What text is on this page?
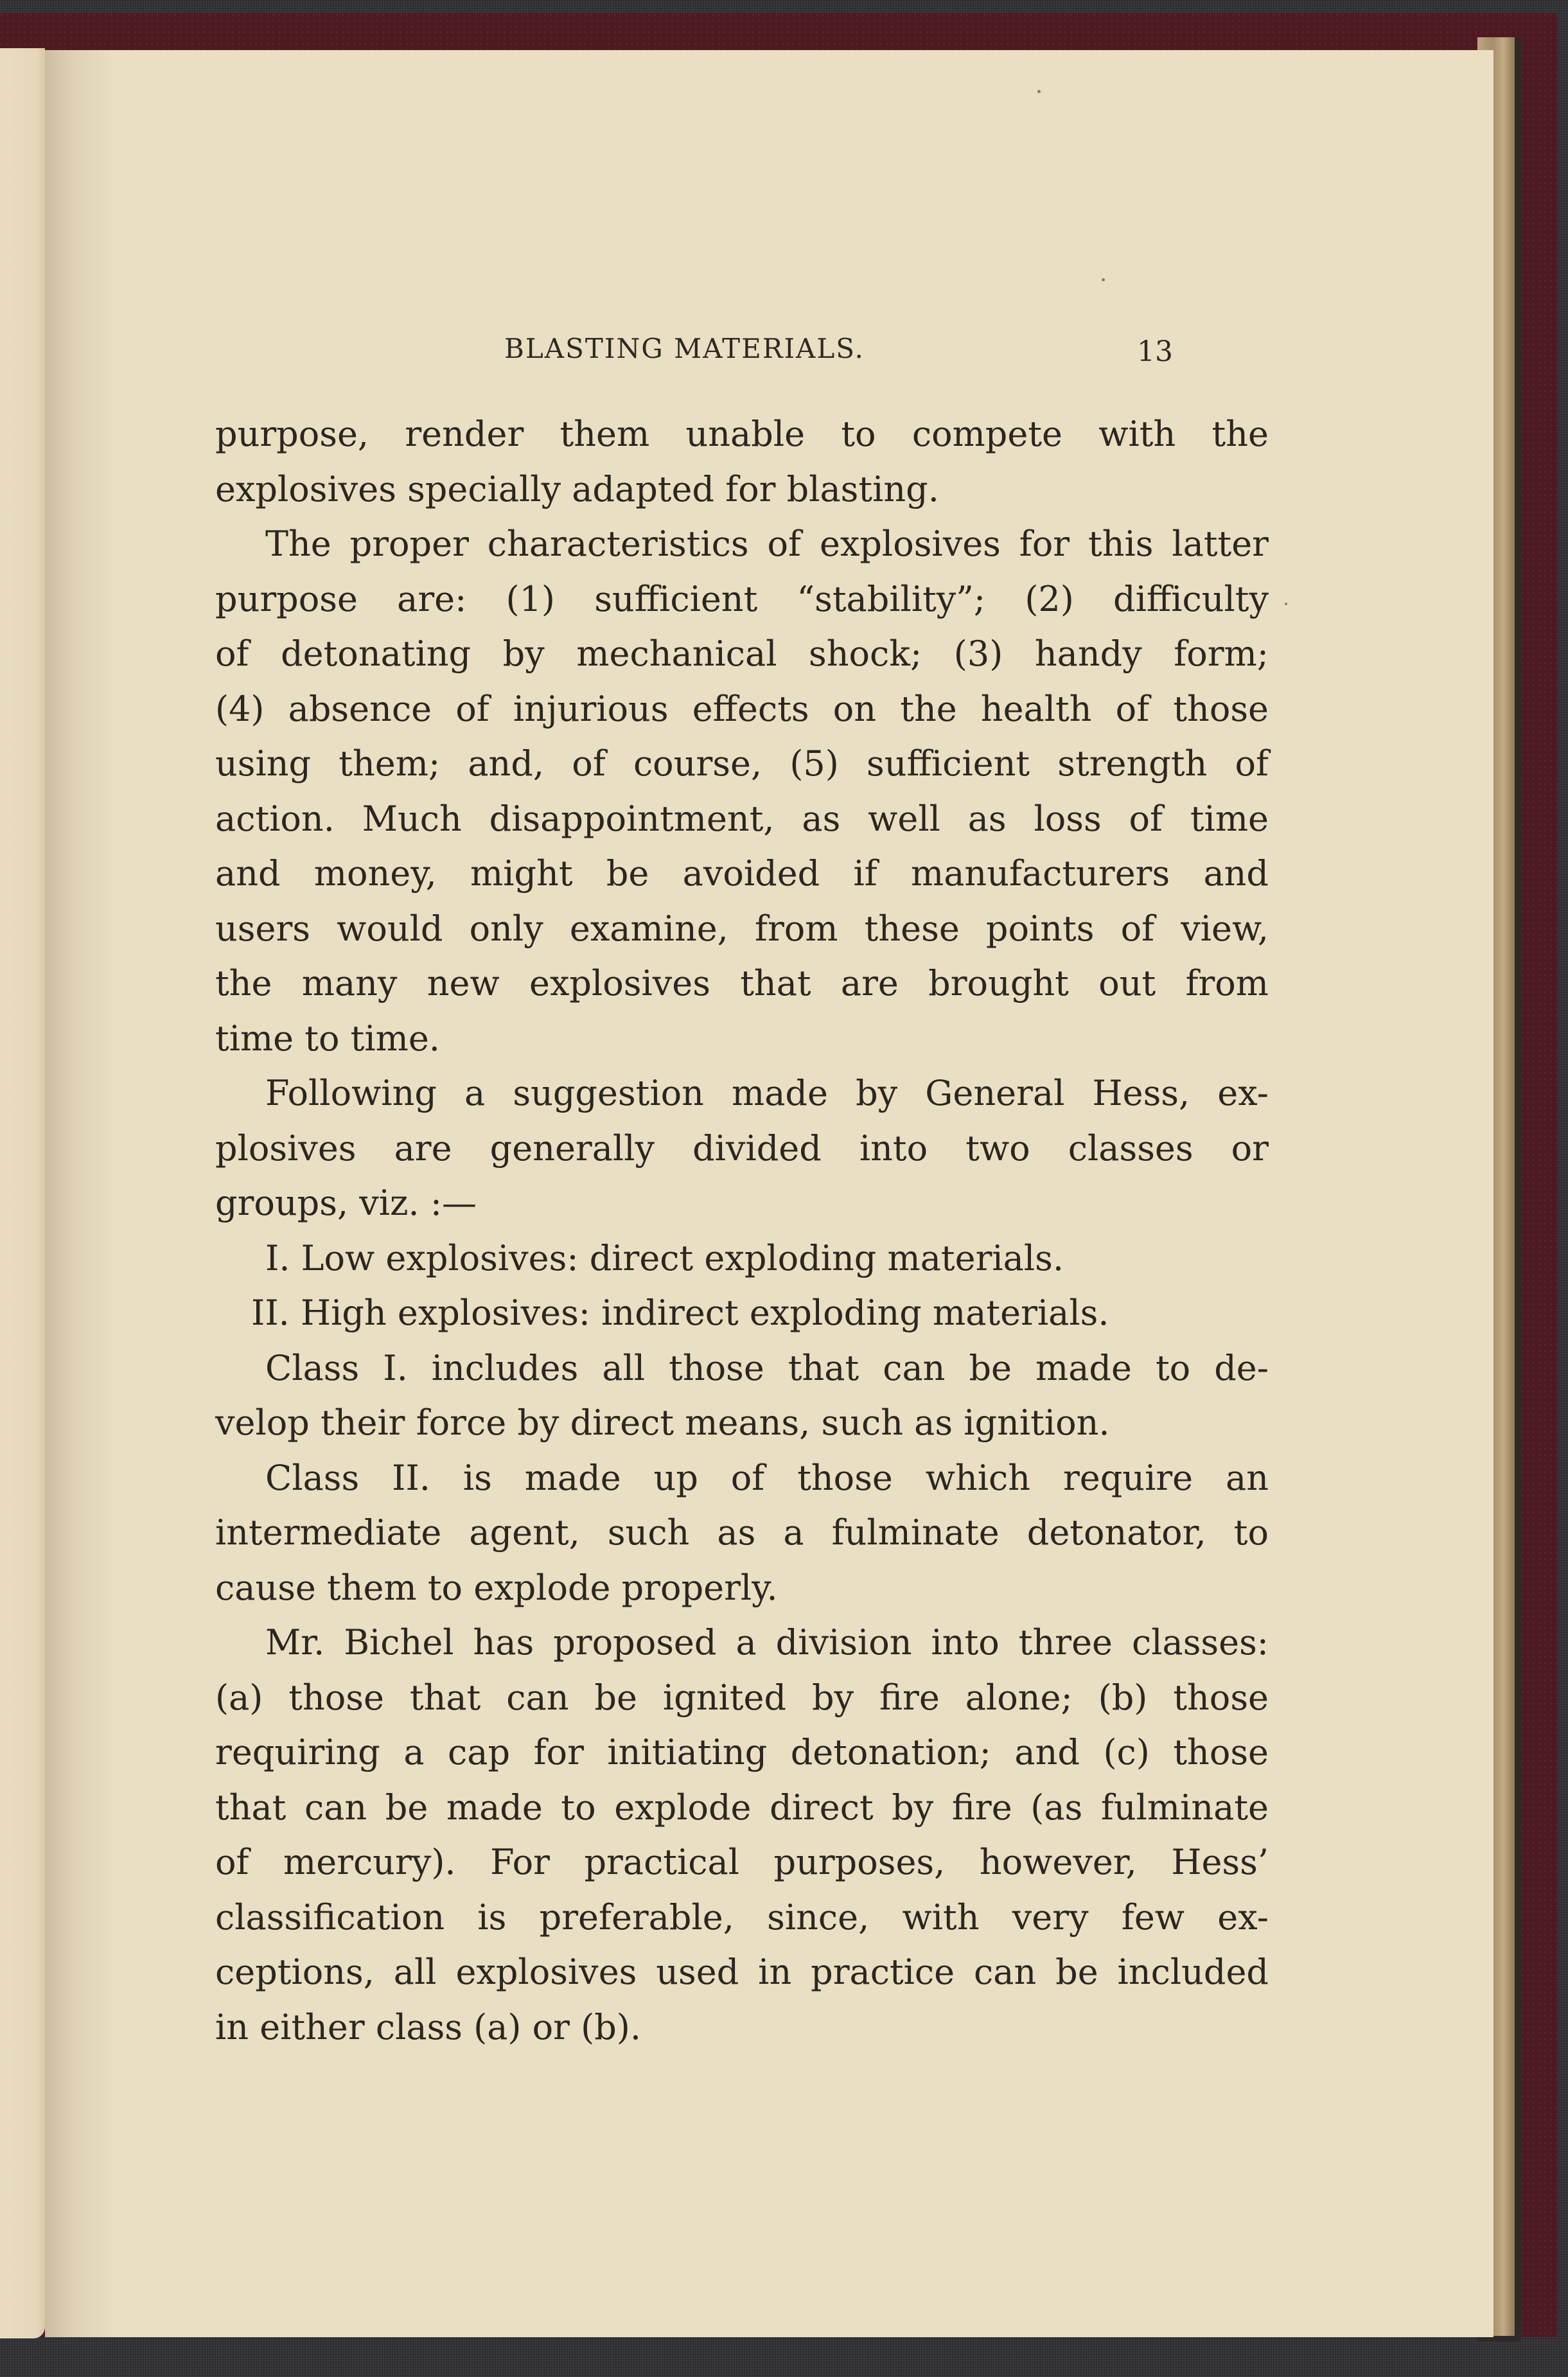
BLASTING MATERIALS.	13
purpose, render them unable to compete with the
explosives specially adapted for blasting.
The proper characteristics of explosives for this latter
purpose are: (1) sufficient “stability”; (2) difficulty
of detonating by mechanical shock; (3) handy form;
(4) absence of injurious effects on the health of those
using them; and, of course, (5) sufficient strength of
action. Much disappointment, as well as loss of time
and money, might be avoided if manufacturers and
users would only examine, from these points of view,
the many new explosives that are brought out from
time to time.
Following a suggestion made by General Hess, ex-
plosives are generally divided into two classes or
groups, viz. :—
I. Low explosives: direct exploding materials.
II. High explosives: indirect exploding materials.
Class I. includes all those that can be made to de-
velop their force by direct means, such as ignition.
Class II. is made up of those which require an
intermediate agent, such as a fulminate detonator, to
cause them to explode properly.
Mr. Bichel has proposed a division into three classes:
(a) those that can be ignited by fire alone; (b) those
requiring a cap for initiating detonation; and (c) those
that can be made to explode direct by fire (as fulminate
of mercury). For practical purposes, however, Hess’
classification is preferable, since, with very few ex-
ceptions, all explosives used in practice can be included
in either class (a) or (b).
